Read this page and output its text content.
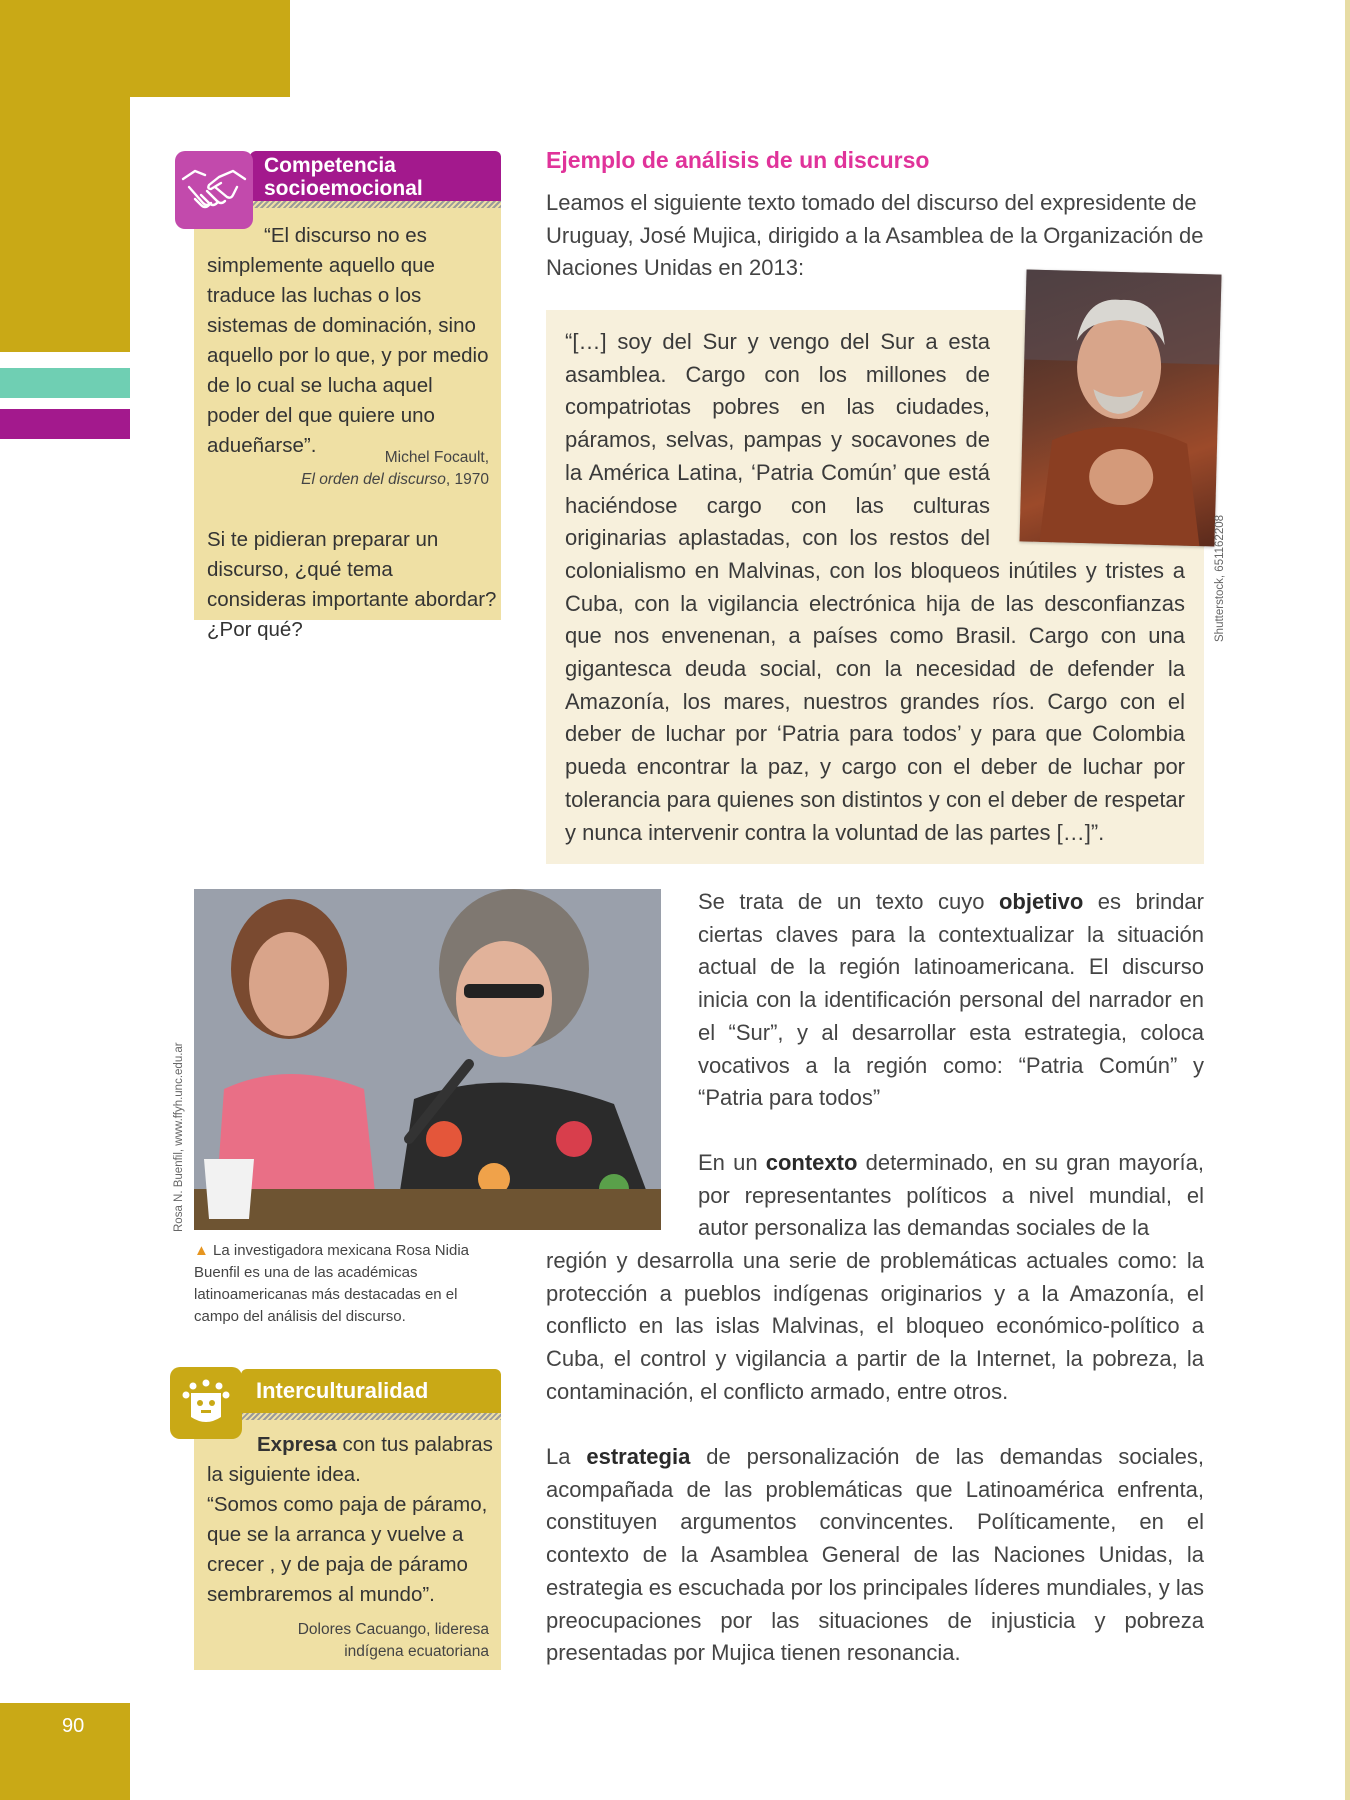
90
Competencia
socioemocional
“El discurso no es simplemente aquello que traduce las luchas o los sistemas de dominación, sino aquello por lo que, y por medio de lo cual se lucha aquel poder del que quiere uno adueñarse”.
Michel Focault,
El orden del discurso, 1970
Si te pidieran preparar un discurso, ¿qué tema consideras importante abordar? ¿Por qué?
Ejemplo de análisis de un discurso
Leamos el siguiente texto tomado del discurso del expresidente de Uruguay, José Mujica, dirigido a la Asamblea de la Organización de Naciones Unidas en 2013:
“[…] soy del Sur y vengo del Sur a esta asamblea. Cargo con los millones de compatriotas pobres en las ciudades, páramos, selvas, pampas y socavones de la América Latina, ‘Patria Común’ que está haciéndose cargo con las culturas originarias aplastadas, con los restos del colonialismo en Malvinas, con los bloqueos inútiles y tristes a Cuba, con la vigilancia electrónica hija de las desconfianzas que nos envenenan, a países como Brasil. Cargo con una gigantesca deuda social, con la necesidad de defender la Amazonía, los mares, nuestros grandes ríos. Cargo con el deber de luchar por ‘Patria para todos’ y para que Colombia pueda encontrar la paz, y cargo con el deber de luchar por tolerancia para quienes son distintos y con el deber de respetar y nunca intervenir contra la voluntad de las partes […]”.
Shutterstock, 651162208
Rosa N. Buenfil, www.ffyh.unc.edu.ar
▲ La investigadora mexicana Rosa Nidia Buenfil es una de las académicas latinoamericanas más destacadas en el campo del análisis del discurso.
Interculturalidad
Expresa con tus palabras la siguiente idea.
“Somos como paja de páramo, que se la arranca y vuelve a crecer , y de paja de páramo sembraremos al mundo”.
Dolores Cacuango, lideresa indígena ecuatoriana
Se trata de un texto cuyo objetivo es brindar ciertas claves para la contextualizar la situación actual de la región latinoamericana. El discurso inicia con la identificación personal del narrador en el “Sur”, y al desarrollar esta estrategia, coloca vocativos a la región como: “Patria Común” y “Patria para todos”
En un contexto determinado, en su gran mayoría, por representantes políticos a nivel mundial, el autor personaliza las demandas sociales de la
región y desarrolla una serie de problemáticas actuales como: la protección a pueblos indígenas originarios y a la Amazonía, el conflicto en las islas Malvinas, el bloqueo económico-político a Cuba, el control y vigilancia a partir de la Internet, la pobreza, la contaminación, el conflicto armado, entre otros.
La estrategia de personalización de las demandas sociales, acompañada de las problemáticas que Latinoamérica enfrenta, constituyen argumentos convincentes. Políticamente, en el contexto de la Asamblea General de las Naciones Unidas, la estrategia es escuchada por los principales líderes mundiales, y las preocupaciones por las situaciones de injusticia y pobreza presentadas por Mujica tienen resonancia.
